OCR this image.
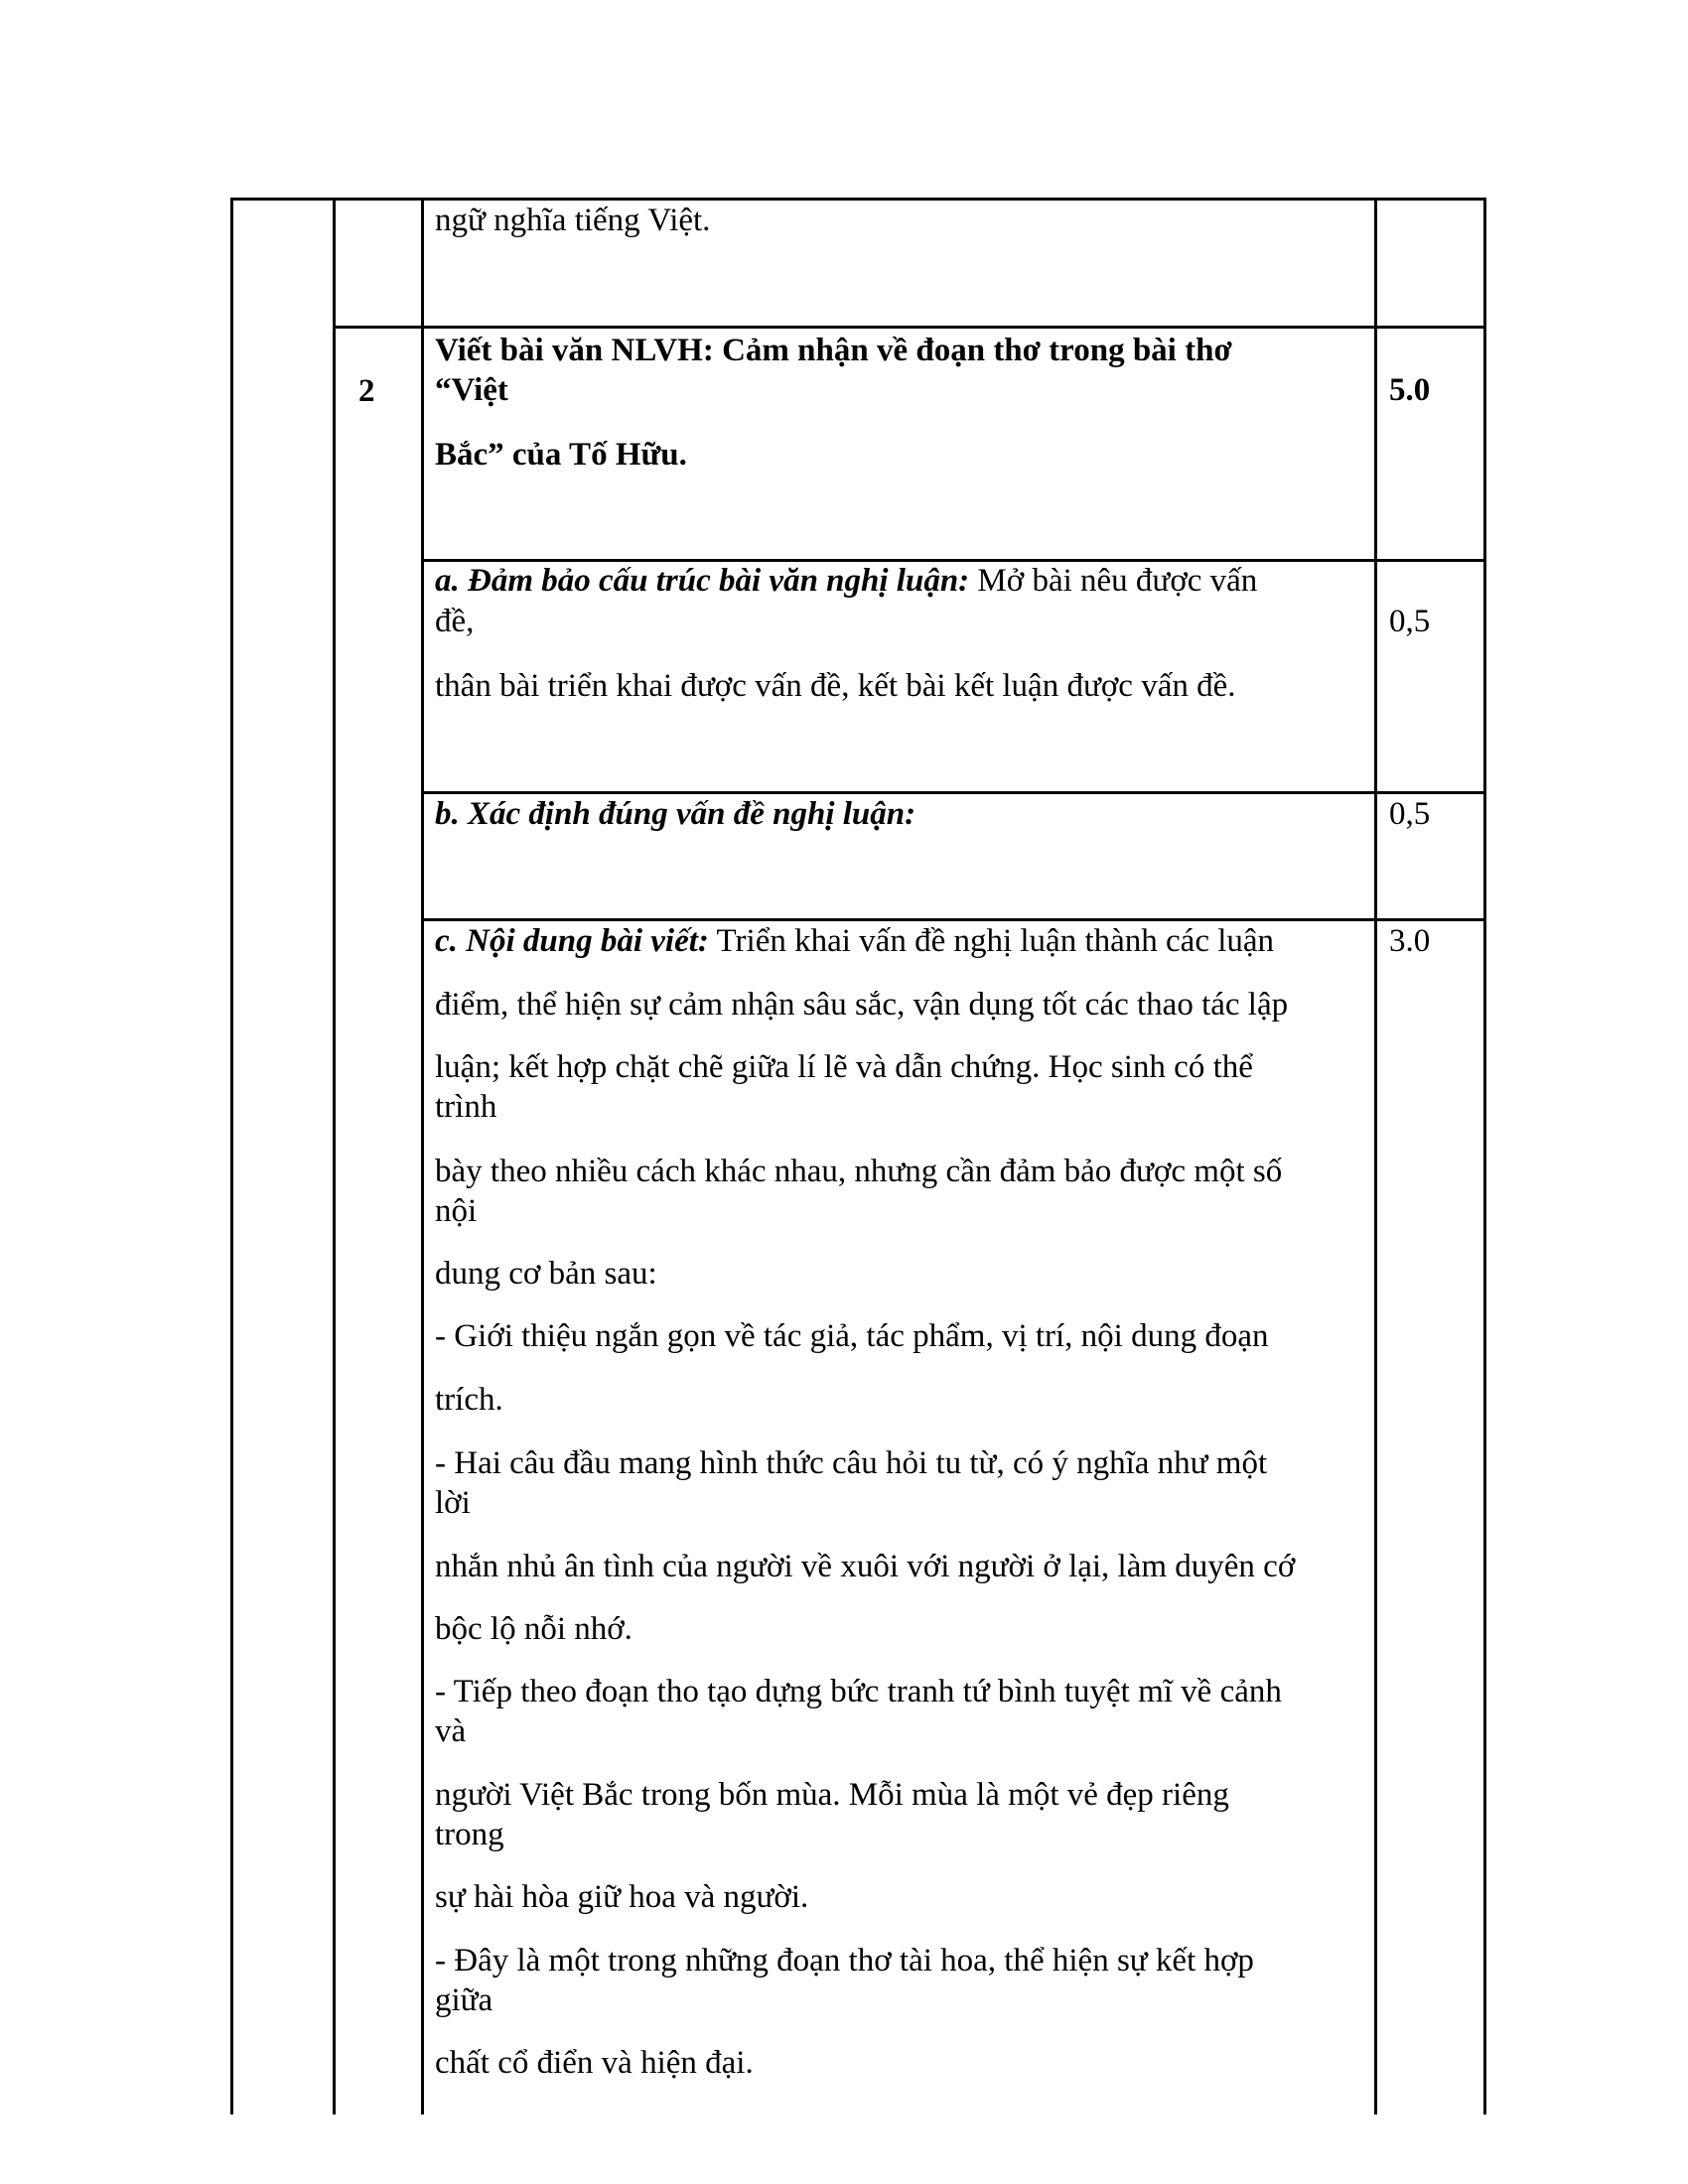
ngữ nghĩa tiếng Việt.
2
Viết bài văn NLVH: Cảm nhận về đoạn thơ trong bài thơ
“Việt
Bắc” của Tố Hữu.
5.0
a. Đảm bảo cấu trúc bài văn nghị luận: Mở bài nêu được vấn
đề,
thân bài triển khai được vấn đề, kết bài kết luận được vấn đề.
0,5
b. Xác định đúng vấn đề nghị luận:	0,5
c. Nội dung bài viết: Triển khai vấn đề nghị luận thành các luận	3.0
điểm, thể hiện sự cảm nhận sâu sắc, vận dụng tốt các thao tác lập
luận; kết hợp chặt chẽ giữa lí lẽ và dẫn chứng. Học sinh có thể
trình
bày theo nhiều cách khác nhau, nhưng cần đảm bảo được một số
nội
dung cơ bản sau:
- Giới thiệu ngắn gọn về tác giả, tác phẩm, vị trí, nội dung đoạn
trích.
- Hai câu đầu mang hình thức câu hỏi tu từ, có ý nghĩa như một
lời
nhắn nhủ ân tình của người về xuôi với người ở lại, làm duyên cớ
bộc lộ nỗi nhớ.
- Tiếp theo đoạn tho tạo dựng bức tranh tứ bình tuyệt mĩ về cảnh
và
người Việt Bắc trong bốn mùa. Mỗi mùa là một vẻ đẹp riêng
trong
sự hài hòa giữ hoa và người.
- Đây là một trong những đoạn thơ tài hoa, thể hiện sự kết hợp
giữa
chất cổ điển và hiện đại.
